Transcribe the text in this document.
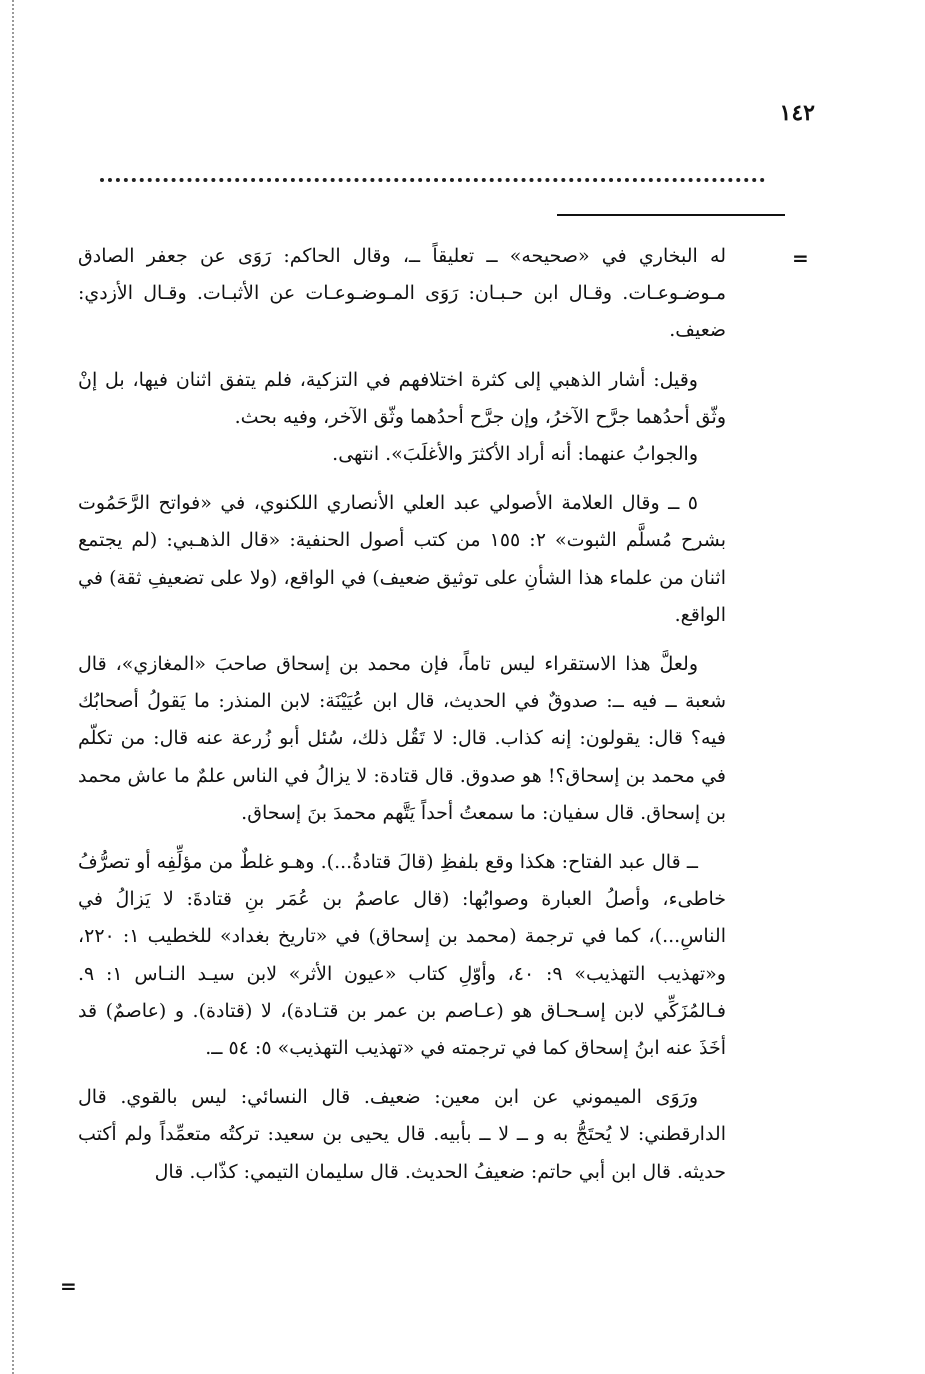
١٤٢
=
=

له البخاري في «صحيحه» ــ تعليقاً ــ، وقال الحاكم: رَوَى عن جعفر الصادق مـوضـوعـات. وقـال ابن حـبـان: رَوَى المـوضـوعـات عن الأثبـات. وقـال الأزدي: ضعيف.

وقيل: أشار الذهبي إلى كثرة اختلافهم في التزكية، فلم يتفق اثنان فيها، بل إنْ وثّق أحدُهما جرَّح الآخرُ، وإن جرَّح أحدُهما وثّق الآخر، وفيه بحث.

والجوابُ عنهما: أنه أراد الأكثرَ والأغلَبَ». انتهى.

٥ ــ وقال العلامة الأصولي عبد العلي الأنصاري اللكنوي، في «فواتح الرَّحَمُوت بشرح مُسلَّم الثبوت» ٢: ١٥٥ من كتب أصول الحنفية: «قال الذهـبي: (لم يجتمع اثنان من علماء هذا الشأنِ على توثيق ضعيف) في الواقع، (ولا على تضعيفِ ثقة) في الواقع.

ولعلَّ هذا الاستقراء ليس تاماً، فإن محمد بن إسحاق صاحبَ «المغازي»، قال شعبة ــ فيه ــ: صدوقٌ في الحديث، قال ابن عُيَيْنَة: لابن المنذر: ما يَقولُ أصحابُك فيه؟ قال: يقولون: إنه كذاب. قال: لا تَقُل ذلك، سُئل أبو زُرعة عنه قال: من تكلّم في محمد بن إسحاق؟! هو صدوق. قال قتادة: لا يزالُ في الناس علمٌ ما عاش محمد بن إسحاق. قال سفيان: ما سمعتُ أحداً يَتَّهم محمدَ بنَ إسحاق.

ــ قال عبد الفتاح: هكذا وقع بلفظِ (قالَ قتادةُ...). وهـو غلطٌ من مؤلِّفِه أو تصرُّفُ خاطىء، وأصلُ العبارة وصوابُها: (قال عاصمُ بن عُمَر بنِ قتادةَ: لا يَزالُ في الناسِ...)، كما في ترجمة (محمد بن إسحاق) في «تاريخ بغداد» للخطيب ١: ٢٢٠، و«تهذيب التهذيب» ٩: ٤٠، وأوّلِ كتاب «عيون الأثر» لابن سيـد النـاس ١: ٩. فـالمُزَكِّي لابن إسـحـاق هو (عـاصم بن عمر بن قتـادة)، لا (قتادة). و (عاصمٌ) قد أخَذَ عنه ابنُ إسحاق كما في ترجمته في «تهذيب التهذيب» ٥: ٥٤ ــ.

ورَوَى الميموني عن ابن معين: ضعيف. قال النسائي: ليس بالقوي. قال الدارقطني: لا يُحتَجُّ به و ــ لا ــ بأبيه. قال يحيى بن سعيد: تركتُه متعمِّداً ولم أكتب حديثه. قال ابن أبي حاتم: ضعيفُ الحديث. قال سليمان التيمي: كذّاب. قال
